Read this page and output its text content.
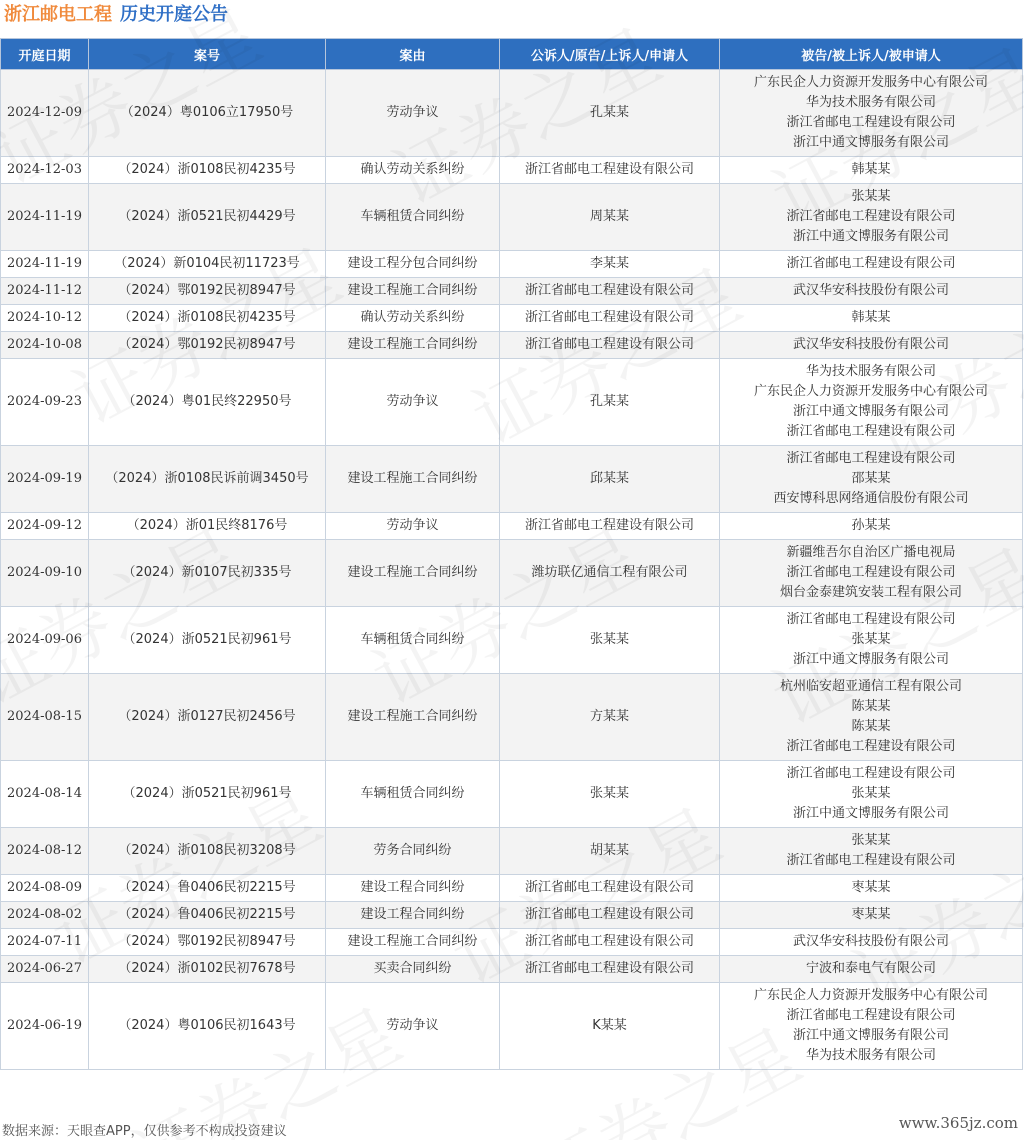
浙江邮电工程 历史开庭公告
开庭日期	案号	案由	公诉人/原告/上诉人/申请人	被告/被上诉人/被申请人
2024-12-09	（2024）粤0106立17950号	劳动争议	孔某某	广东民企人力资源开发服务中心有限公司
华为技术服务有限公司
浙江省邮电工程建设有限公司
浙江中通文博服务有限公司

2024-12-03	（2024）浙0108民初4235号	确认劳动关系纠纷	浙江省邮电工程建设有限公司	韩某某

2024-11-19	（2024）浙0521民初4429号	车辆租赁合同纠纷	周某某	张某某
浙江省邮电工程建设有限公司
浙江中通文博服务有限公司

2024-11-19	（2024）新0104民初11723号	建设工程分包合同纠纷	李某某	浙江省邮电工程建设有限公司

2024-11-12	（2024）鄂0192民初8947号	建设工程施工合同纠纷	浙江省邮电工程建设有限公司	武汉华安科技股份有限公司

2024-10-12	（2024）浙0108民初4235号	确认劳动关系纠纷	浙江省邮电工程建设有限公司	韩某某

2024-10-08	（2024）鄂0192民初8947号	建设工程施工合同纠纷	浙江省邮电工程建设有限公司	武汉华安科技股份有限公司

2024-09-23	（2024）粤01民终22950号	劳动争议	孔某某	华为技术服务有限公司
广东民企人力资源开发服务中心有限公司
浙江中通文博服务有限公司
浙江省邮电工程建设有限公司

2024-09-19	（2024）浙0108民诉前调3450号	建设工程施工合同纠纷	邱某某	浙江省邮电工程建设有限公司
邵某某
西安博科思网络通信股份有限公司

2024-09-12	（2024）浙01民终8176号	劳动争议	浙江省邮电工程建设有限公司	孙某某

2024-09-10	（2024）新0107民初335号	建设工程施工合同纠纷	潍坊联亿通信工程有限公司	新疆维吾尔自治区广播电视局
浙江省邮电工程建设有限公司
烟台金泰建筑安装工程有限公司

2024-09-06	（2024）浙0521民初961号	车辆租赁合同纠纷	张某某	浙江省邮电工程建设有限公司
张某某
浙江中通文博服务有限公司

2024-08-15	（2024）浙0127民初2456号	建设工程施工合同纠纷	方某某	杭州临安超亚通信工程有限公司
陈某某
陈某某
浙江省邮电工程建设有限公司

2024-08-14	（2024）浙0521民初961号	车辆租赁合同纠纷	张某某	浙江省邮电工程建设有限公司
张某某
浙江中通文博服务有限公司

2024-08-12	（2024）浙0108民初3208号	劳务合同纠纷	胡某某	张某某
浙江省邮电工程建设有限公司

2024-08-09	（2024）鲁0406民初2215号	建设工程合同纠纷	浙江省邮电工程建设有限公司	枣某某

2024-08-02	（2024）鲁0406民初2215号	建设工程合同纠纷	浙江省邮电工程建设有限公司	枣某某

2024-07-11	（2024）鄂0192民初8947号	建设工程施工合同纠纷	浙江省邮电工程建设有限公司	武汉华安科技股份有限公司

2024-06-27	（2024）浙0102民初7678号	买卖合同纠纷	浙江省邮电工程建设有限公司	宁波和泰电气有限公司

2024-06-19	（2024）粤0106民初1643号	劳动争议	K某某	广东民企人力资源开发服务中心有限公司
浙江省邮电工程建设有限公司
浙江中通文博服务有限公司
华为技术服务有限公司
数据来源：天眼查APP，仅供参考不构成投资建议	www.365jz.com
